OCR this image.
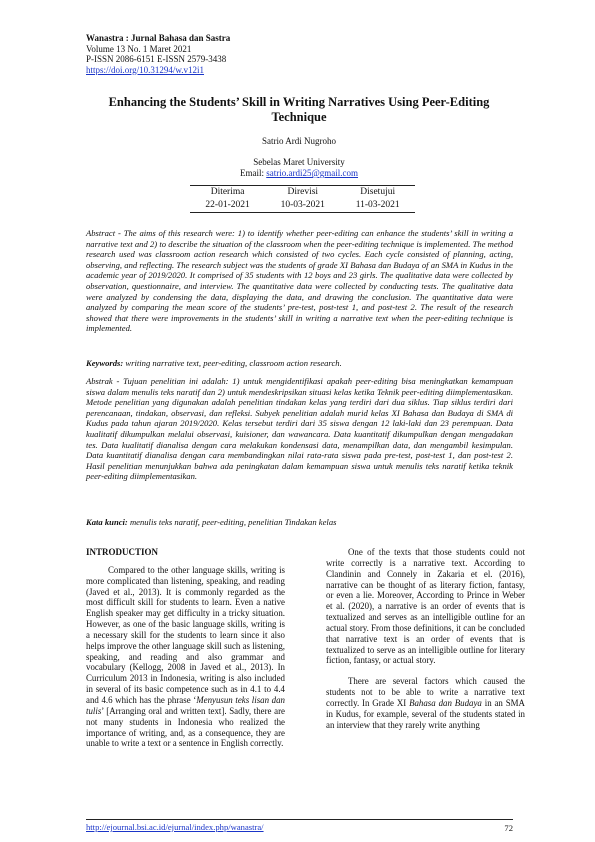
Wanastra : Jurnal Bahasa dan Sastra
Volume 13 No. 1 Maret 2021
P-ISSN 2086-6151 E-ISSN 2579-3438
https://doi.org/10.31294/w.v12i1
Enhancing the Students’ Skill in Writing Narratives Using Peer-Editing Technique
Satrio Ardi Nugroho
Sebelas Maret University
Email: satrio.ardi25@gmail.com
Diterima	Direvisi	Disetujui
22-01-2021	10-03-2021	11-03-2021

Abstract - The aims of this research were: 1) to identify whether peer-editing can enhance the students’ skill in writing a narrative text and 2) to describe the situation of the classroom when the peer-editing technique is implemented. The method research used was classroom action research which consisted of two cycles. Each cycle consisted of planning, acting, observing, and reflecting. The research subject was the students of grade XI Bahasa dan Budaya of an SMA in Kudus in the academic year of 2019/2020. It comprised of 35 students with 12 boys and 23 girls. The qualitative data were collected by observation, questionnaire, and interview. The quantitative data were collected by conducting tests. The qualitative data were analyzed by condensing the data, displaying the data, and drawing the conclusion. The quantitative data were analyzed by comparing the mean score of the students’ pre-test, post-test 1, and post-test 2. The result of the research showed that there were improvements in the students’ skill in writing a narrative text when the peer-editing technique is implemented.

Keywords: writing narrative text, peer-editing, classroom action research.

Abstrak - Tujuan penelitian ini adalah: 1) untuk mengidentifikasi apakah peer-editing bisa meningkatkan kemampuan siswa dalam menulis teks naratif dan 2) untuk mendeskripsikan situasi kelas ketika Teknik peer-editing diimplementasikan. Metode penelitian yang digunakan adalah penelitian tindakan kelas yang terdiri dari dua siklus. Tiap siklus terdiri dari perencanaan, tindakan, observasi, dan refleksi. Subyek penelitian adalah murid kelas XI Bahasa dan Budaya di SMA di Kudus pada tahun ajaran 2019/2020. Kelas tersebut terdiri dari 35 siswa dengan 12 laki-laki dan 23 perempuan. Data kualitatif dikumpulkan melalui observasi, kuisioner, dan wawancara. Data kuantitatif dikumpulkan dengan mengadakan tes. Data kualitatif dianalisa dengan cara melakukan kondensasi data, menampilkan data, dan mengambil kesimpulan. Data kuantitatif dianalisa dengan cara membandingkan nilai rata-rata siswa pada pre-test, post-test 1, dan post-test 2. Hasil penelitian menunjukkan bahwa ada peningkatan dalam kemampuan siswa untuk menulis teks naratif ketika teknik peer-editing diimplementasikan.

Kata kunci: menulis teks naratif, peer-editing, penelitian Tindakan kelas

INTRODUCTION

Compared to the other language skills, writing is more complicated than listening, speaking, and reading (Javed et al., 2013). It is commonly regarded as the most difficult skill for students to learn. Even a native English speaker may get difficulty in a tricky situation. However, as one of the basic language skills, writing is a necessary skill for the students to learn since it also helps improve the other language skill such as listening, speaking, and reading and also grammar and vocabulary (Kellogg, 2008 in Javed et al., 2013). In Curriculum 2013 in Indonesia, writing is also included in several of its basic competence such as in 4.1 to 4.4 and 4.6 which has the phrase ‘Menyusun teks lisan dan tulis’ [Arranging oral and written text]. Sadly, there are not many students in Indonesia who realized the importance of writing, and, as a consequence, they are unable to write a text or a sentence in English correctly.

One of the texts that those students could not write correctly is a narrative text. According to Clandinin and Connely in Zakaria et el. (2016), narrative can be thought of as literary fiction, fantasy, or even a lie. Moreover, According to Prince in Weber et al. (2020), a narrative is an order of events that is textualized and serves as an intelligible outline for an actual story. From those definitions, it can be concluded that narrative text is an order of events that is textualized to serve as an intelligible outline for literary fiction, fantasy, or actual story.

There are several factors which caused the students not to be able to write a narrative text correctly. In Grade XI Bahasa dan Budaya in an SMA in Kudus, for example, several of the students stated in an interview that they rarely write anything

http://ejournal.bsi.ac.id/ejurnal/index.php/wanastra/	72
